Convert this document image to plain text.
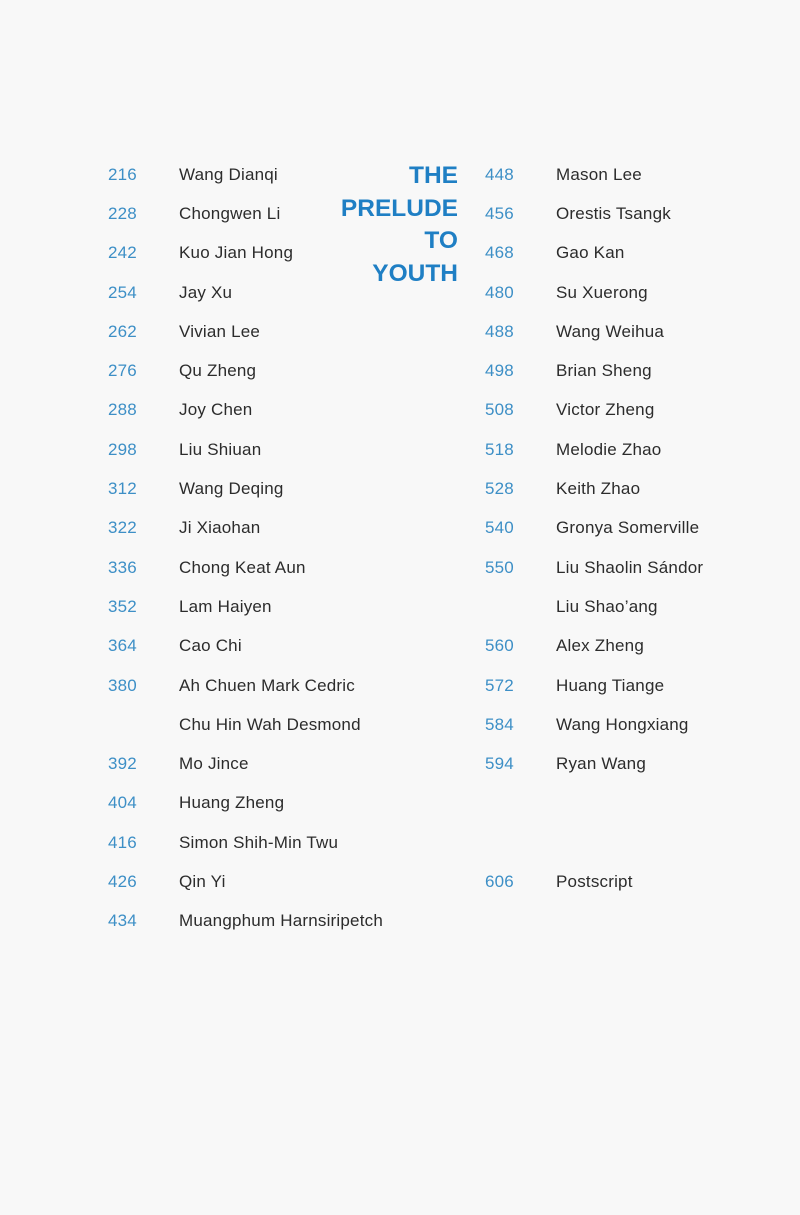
THE
PRELUDE
TO
YOUTH
216	Wang Dianqi
228	Chongwen Li
242	Kuo Jian Hong
254	Jay Xu
262	Vivian Lee
276	Qu Zheng
288	Joy Chen
298	Liu Shiuan
312	Wang Deqing
322	Ji Xiaohan
336	Chong Keat Aun
352	Lam Haiyen
364	Cao Chi
380	Ah Chuen Mark Cedric
Chu Hin Wah Desmond
392	Mo Jince
404	Huang Zheng
416	Simon Shih-Min Twu
426	Qin Yi
434	Muangphum Harnsiripetch
448	Mason Lee
456	Orestis Tsangk
468	Gao Kan
480	Su Xuerong
488	Wang Weihua
498	Brian Sheng
508	Victor Zheng
518	Melodie Zhao
528	Keith Zhao
540	Gronya Somerville
550	Liu Shaolin Sándor
Liu Shao’ang
560	Alex Zheng
572	Huang Tiange
584	Wang Hongxiang
594	Ryan Wang
606	Postscript
